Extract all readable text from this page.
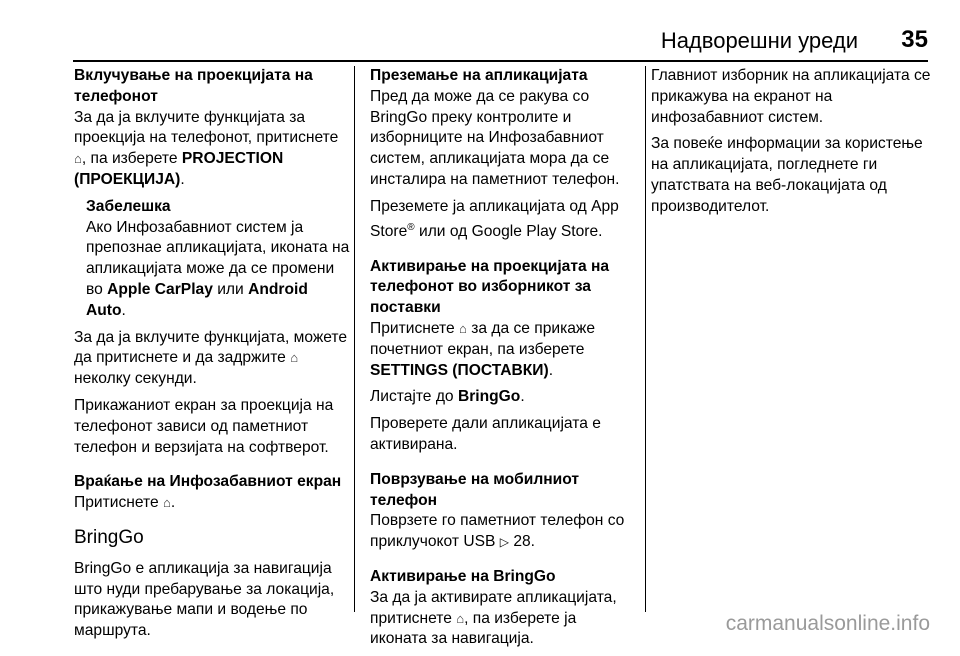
Надворешни уреди 35
Вклучување на проекцијата на телефонот

За да ја вклучите функцијата за проекција на телефонот, притиснете ⌂, па изберете PROJECTION (ПРОЕКЦИЈА).

Забелешка
Ако Инфозабавниот систем ја препознае апликацијата, иконата на апликацијата може да се промени во Apple CarPlay или Android Auto.

За да ја вклучите функцијата, можете да притиснете и да задржите ⌂ неколку секунди.

Прикажаниот екран за проекција на телефонот зависи од паметниот телефон и верзијата на софтверот.

Враќање на Инфозабавниот екран

Притиснете ⌂.

BringGo

BringGo е апликација за навигација што нуди пребарување за локација, прикажување мапи и водење по маршрута.

Преземање на апликацијата

Пред да може да се ракува со BringGo преку контролите и изборниците на Инфозабавниот систем, апликацијата мора да се инсталира на паметниот телефон.

Преземете ја апликацијата од App Store® или од Google Play Store.

Активирање на проекцијата на телефонот во изборникот за поставки

Притиснете ⌂ за да се прикаже почетниот екран, па изберете SETTINGS (ПОСТАВКИ).

Листајте до BringGo.

Проверете дали апликацијата е активирана.

Поврзување на мобилниот телефон

Поврзете го паметниот телефон со приклучокот USB ▷ 28.

Активирање на BringGo

За да ја активирате апликацијата, притиснете ⌂, па изберете ја иконата за навигација.

Главниот изборник на апликацијата се прикажува на екранот на инфозабавниот систем.

За повеќе информации за користење на апликацијата, погледнете ги упатствата на веб-локацијата од производителот.

carmanualsonline.info
